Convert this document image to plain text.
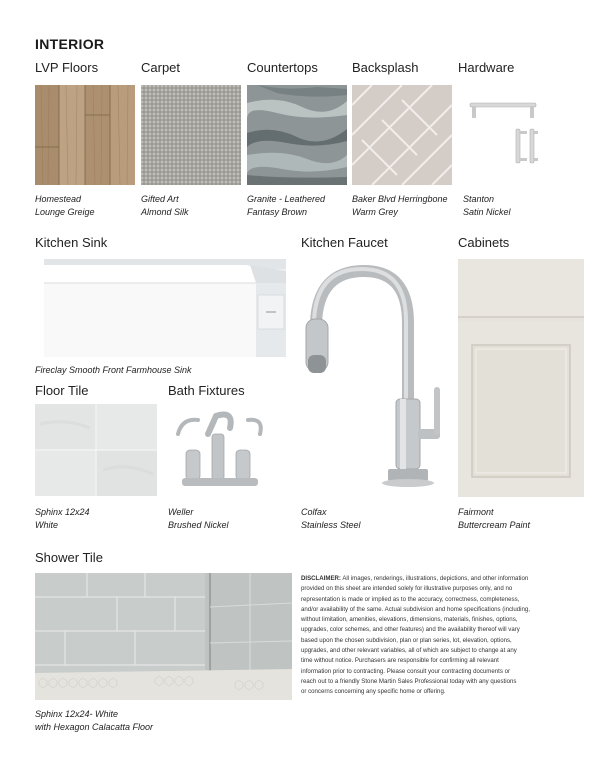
INTERIOR
LVP Floors	Carpet	Countertops	Backsplash	Hardware
Homestead
Lounge Greige
Gifted Art
Almond Silk
Granite - Leathered
Fantasy Brown
Baker Blvd Herringbone
Warm Grey
Stanton
Satin Nickel
Kitchen Sink	Kitchen Faucet	Cabinets
Fireclay Smooth Front Farmhouse Sink
Colfax
Stainless Steel
Fairmont
Buttercream Paint
Floor Tile	Bath Fixtures
Sphinx 12x24
White
Weller
Brushed Nickel
Shower Tile
Sphinx 12x24- White
with Hexagon Calacatta Floor
DISCLAIMER: All images, renderings, illustrations, depictions, and other information
provided on this sheet are intended solely for illustrative purposes only, and no
representation is made or implied as to the accuracy, correctness, completeness,
and/or availability of the same. Actual subdivision and home specifications (including,
without limitation, amenities, elevations, dimensions, materials, finishes, options,
upgrades, color schemes, and other features) and the availability thereof will vary
based upon the chosen subdivision, plan or plan series, lot, elevation, options,
upgrades, and other relevant variables, all of which are subject to change at any
time without notice. Purchasers are responsible for confirming all relevant
information prior to contracting. Please consult your contracting documents or
reach out to a friendly Stone Martin Sales Professional today with any questions
or concerns concerning any specific home or offering.
